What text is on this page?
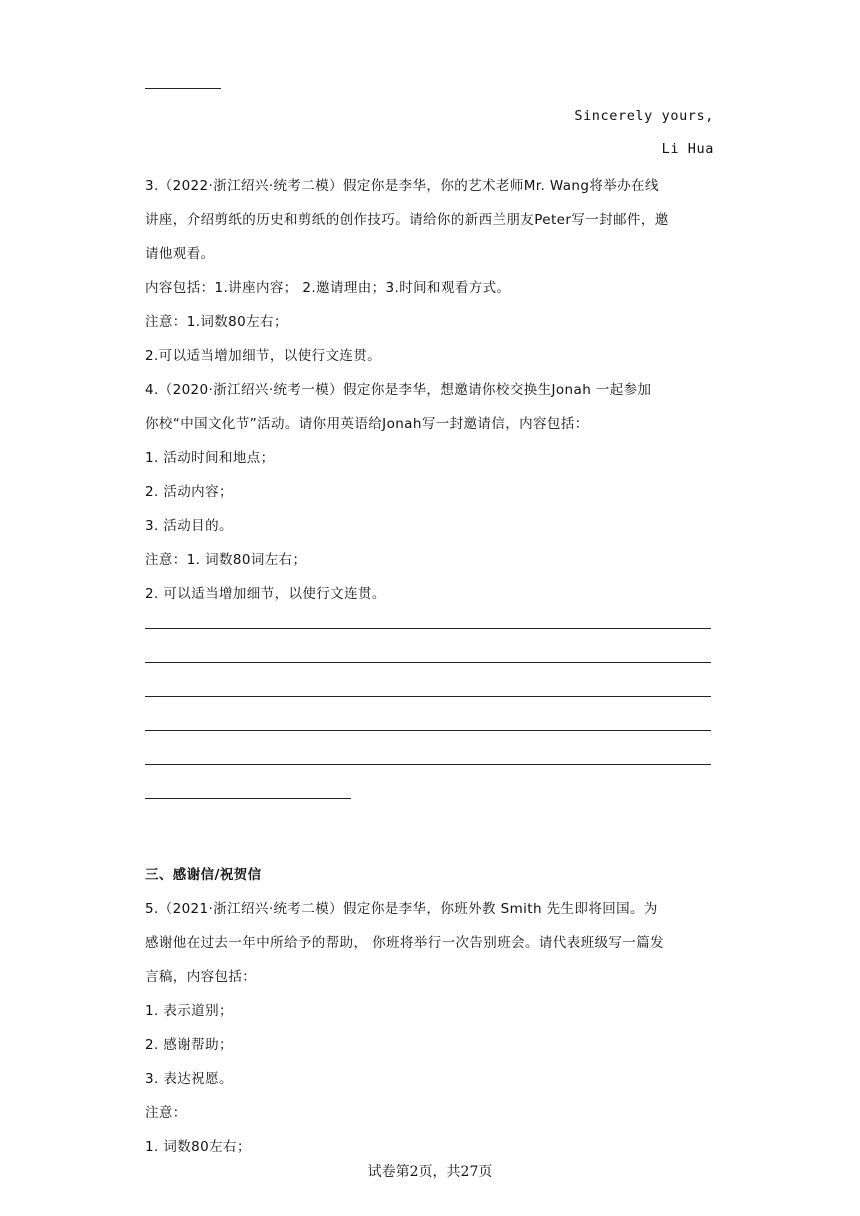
Sincerely yours,
Li Hua
3.（2022·浙江绍兴·统考二模）假定你是李华，你的艺术老师Mr. Wang将举办在线
讲座，介绍剪纸的历史和剪纸的创作技巧。请给你的新西兰朋友Peter写一封邮件，邀
请他观看。
内容包括：1.讲座内容； 2.邀请理由；3.时间和观看方式。
注意：1.词数80左右；
2.可以适当增加细节，以使行文连贯。
4.（2020·浙江绍兴·统考一模）假定你是李华，想邀请你校交换生Jonah 一起参加
你校“中国文化节”活动。请你用英语给Jonah写一封邀请信，内容包括：
1. 活动时间和地点；
2. 活动内容；
3. 活动目的。
注意：1. 词数80词左右；
2. 可以适当增加细节，以使行文连贯。
三、感谢信/祝贺信
5.（2021·浙江绍兴·统考二模）假定你是李华，你班外教 Smith 先生即将回国。为
感谢他在过去一年中所给予的帮助， 你班将举行一次告别班会。请代表班级写一篇发
言稿，内容包括：
1. 表示道别；
2. 感谢帮助；
3. 表达祝愿。
注意：
1. 词数80左右；
试卷第2页，共27页
